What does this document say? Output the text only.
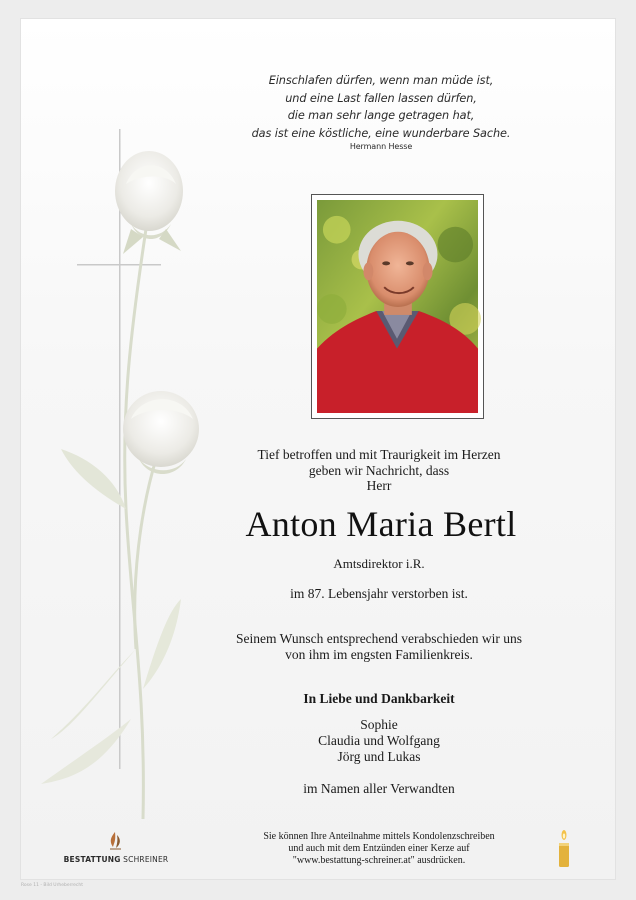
Einschlafen dürfen, wenn man müde ist,
und eine Last fallen lassen dürfen,
die man sehr lange getragen hat,
das ist eine köstliche, eine wunderbare Sache.
Hermann Hesse
Tief betroffen und mit Traurigkeit im Herzen
geben wir Nachricht, dass
Herr
Anton Maria Bertl
Amtsdirektor i.R.
im 87. Lebensjahr verstorben ist.
Seinem Wunsch entsprechend verabschieden wir uns
von ihm im engsten Familienkreis.
In Liebe und Dankbarkeit
Sophie
Claudia und Wolfgang
Jörg und Lukas
im Namen aller Verwandten
BESTATTUNG SCHREINER
Sie können Ihre Anteilnahme mittels Kondolenzschreiben
und auch mit dem Entzünden einer Kerze auf
"www.bestattung-schreiner.at" ausdrücken.
Rose 11 - Bild Urheberrecht
